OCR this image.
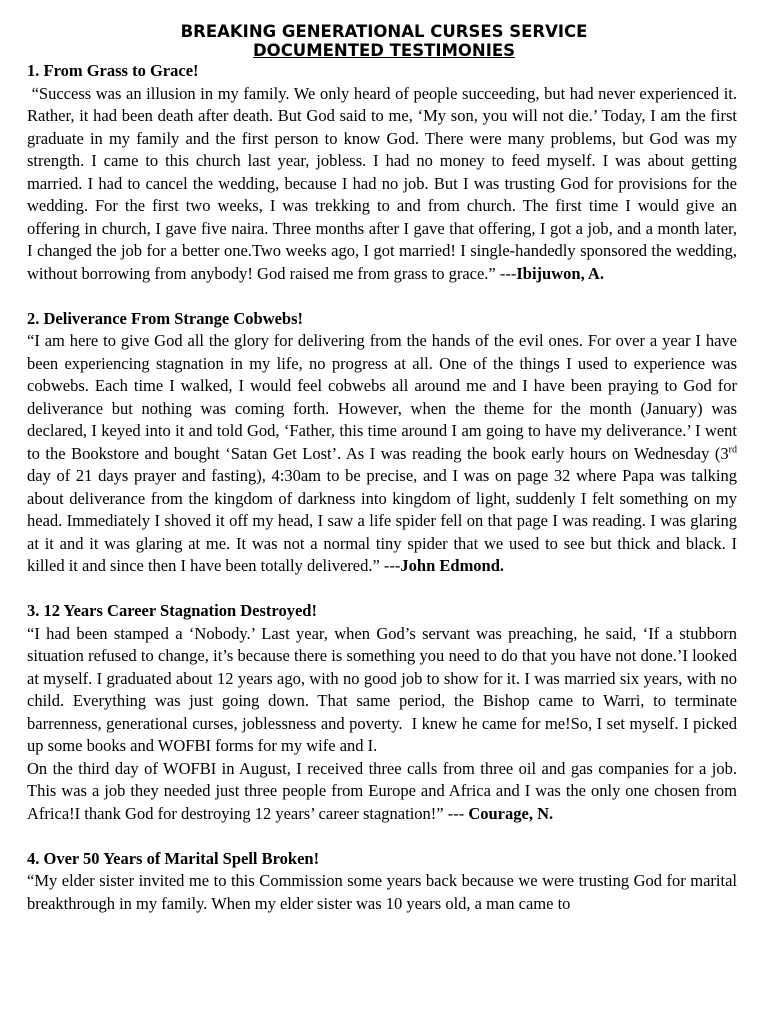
BREAKING GENERATIONAL CURSES SERVICE
DOCUMENTED TESTIMONIES
1. From Grass to Grace!
“Success was an illusion in my family. We only heard of people succeeding, but had never experienced it. Rather, it had been death after death. But God said to me, ‘My son, you will not die.’ Today, I am the first graduate in my family and the first person to know God. There were many problems, but God was my strength. I came to this church last year, jobless. I had no money to feed myself. I was about getting married. I had to cancel the wedding, because I had no job. But I was trusting God for provisions for the wedding. For the first two weeks, I was trekking to and from church. The first time I would give an offering in church, I gave five naira. Three months after I gave that offering, I got a job, and a month later, I changed the job for a better one.Two weeks ago, I got married! I single-handedly sponsored the wedding, without borrowing from anybody! God raised me from grass to grace.” ---Ibijuwon, A.
2. Deliverance From Strange Cobwebs!
“I am here to give God all the glory for delivering from the hands of the evil ones. For over a year I have been experiencing stagnation in my life, no progress at all. One of the things I used to experience was cobwebs. Each time I walked, I would feel cobwebs all around me and I have been praying to God for deliverance but nothing was coming forth. However, when the theme for the month (January) was declared, I keyed into it and told God, ‘Father, this time around I am going to have my deliverance.’ I went to the Bookstore and bought ‘Satan Get Lost’. As I was reading the book early hours on Wednesday (3rd day of 21 days prayer and fasting), 4:30am to be precise, and I was on page 32 where Papa was talking about deliverance from the kingdom of darkness into kingdom of light, suddenly I felt something on my head. Immediately I shoved it off my head, I saw a life spider fell on that page I was reading. I was glaring at it and it was glaring at me. It was not a normal tiny spider that we used to see but thick and black. I killed it and since then I have been totally delivered.” ---John Edmond.
3. 12 Years Career Stagnation Destroyed!
“I had been stamped a ‘Nobody.’ Last year, when God’s servant was preaching, he said, ‘If a stubborn situation refused to change, it’s because there is something you need to do that you have not done.’I looked at myself. I graduated about 12 years ago, with no good job to show for it. I was married six years, with no child. Everything was just going down. That same period, the Bishop came to Warri, to terminate barrenness, generational curses, joblessness and poverty.  I knew he came for me!So, I set myself. I picked up some books and WOFBI forms for my wife and I.
On the third day of WOFBI in August, I received three calls from three oil and gas companies for a job. This was a job they needed just three people from Europe and Africa and I was the only one chosen from Africa!I thank God for destroying 12 years’ career stagnation!” --- Courage, N.
4. Over 50 Years of Marital Spell Broken!
“My elder sister invited me to this Commission some years back because we were trusting God for marital breakthrough in my family. When my elder sister was 10 years old, a man came to
